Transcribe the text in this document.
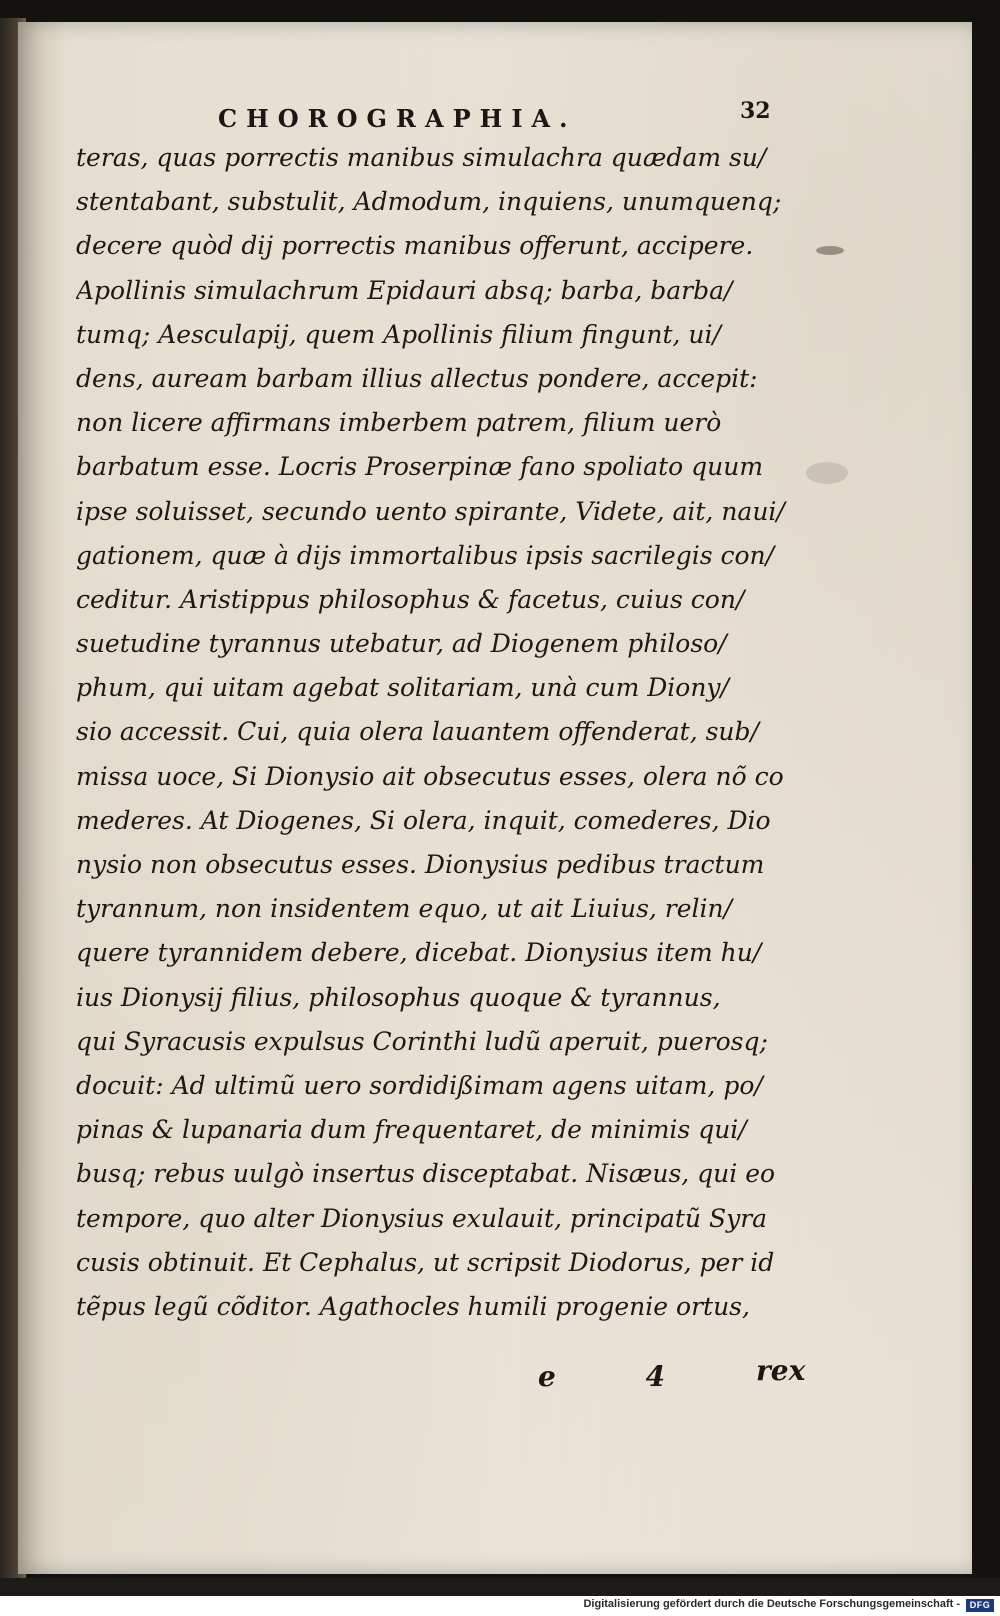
CHOROGRAPHIA.	32
teras, quas porrectis manibus simulachra quædam su/
stentabant, substulit, Admodum, inquiens, unumquenq;
decere quòd dij porrectis manibus offerunt, accipere.
Apollinis simulachrum Epidauri absq; barba, barba/
tumq; Aesculapij, quem Apollinis filium fingunt, ui/
dens, auream barbam illius allectus pondere, accepit:
non licere affirmans imberbem patrem, filium uerò
barbatum esse. Locris Proserpinæ fano spoliato quum
ipse soluisset, secundo uento spirante, Videte, ait, naui/
gationem, quæ à dijs immortalibus ipsis sacrilegis con/
ceditur. Aristippus philosophus & facetus, cuius con/
suetudine tyrannus utebatur, ad Diogenem philoso/
phum, qui uitam agebat solitariam, unà cum Diony/
sio accessit. Cui, quia olera lauantem offenderat, sub/
missa uoce, Si Dionysio ait obsecutus esses, olera nõ co
mederes. At Diogenes, Si olera, inquit, comederes, Dio
nysio non obsecutus esses. Dionysius pedibus tractum
tyrannum, non insidentem equo, ut ait Liuius, relin/
quere tyrannidem debere, dicebat. Dionysius item hu/
ius Dionysij filius, philosophus quoque & tyrannus,
qui Syracusis expulsus Corinthi ludũ aperuit, puerosq;
docuit: Ad ultimũ uero sordidißimam agens uitam, po/
pinas & lupanaria dum frequentaret, de minimis qui/
busq; rebus uulgò insertus disceptabat. Nisæus, qui eo
tempore, quo alter Dionysius exulauit, principatũ Syra
cusis obtinuit. Et Cephalus, ut scripsit Diodorus, per id
tẽpus legũ cõditor. Agathocles humili progenie ortus,
e 4 rex
Digitalisierung gefördert durch die Deutsche Forschungsgemeinschaft -	DFG
